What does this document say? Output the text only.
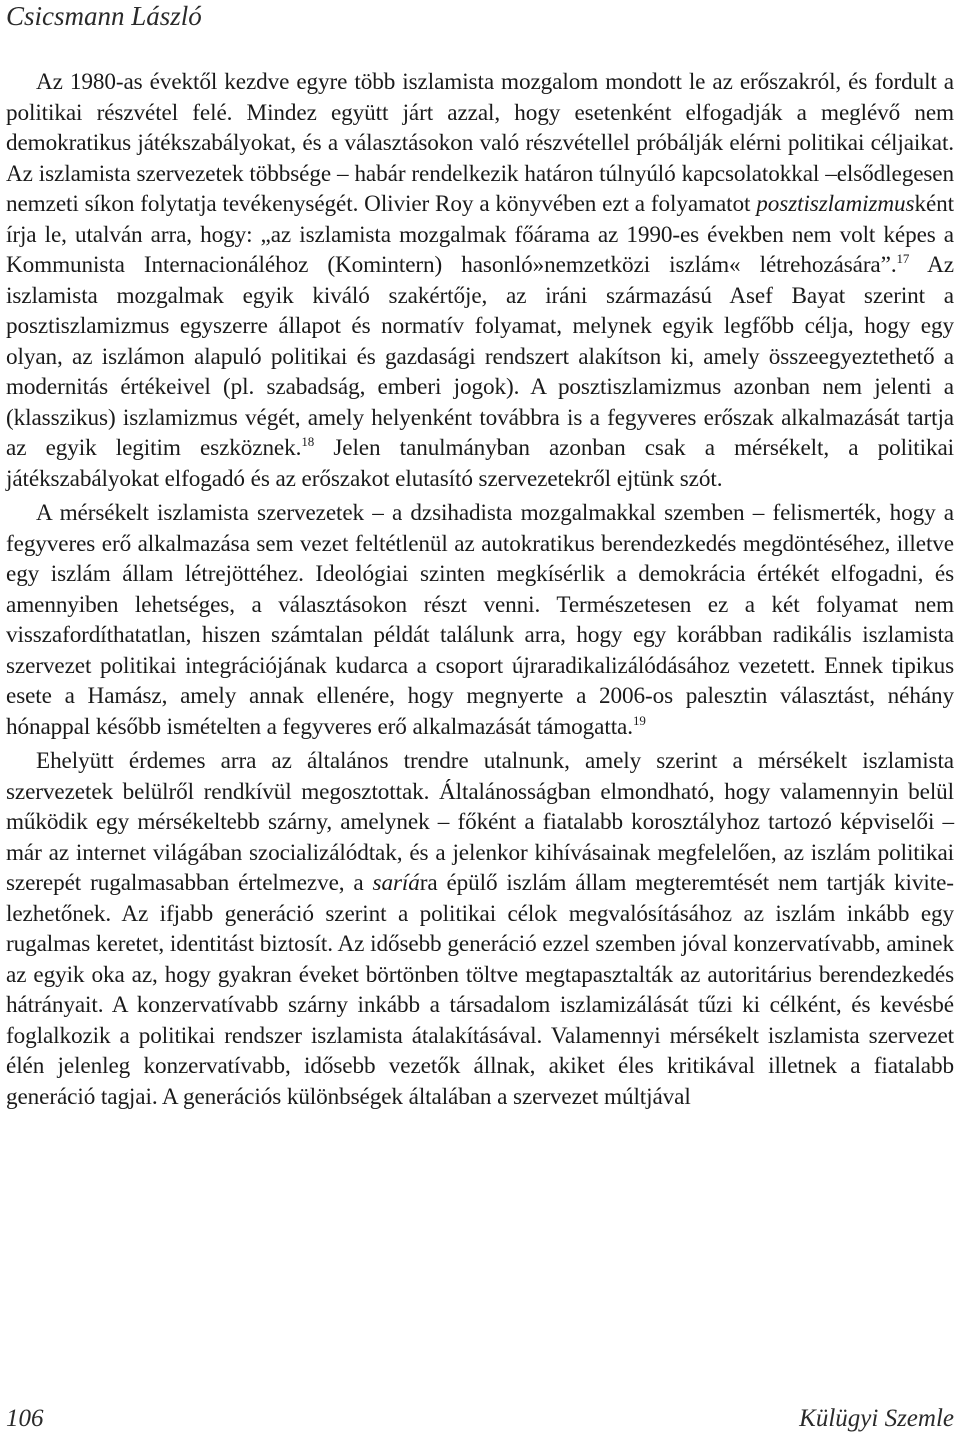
Csicsmann László

Az 1980-as évektől kezdve egyre több iszlamista mozgalom mondott le az erőszakról, és fordult a politikai részvétel felé. Mindez együtt járt azzal, hogy esetenként elfogadják a meglévő nem demokratikus játékszabályokat, és a választásokon való részvétellel próbálják elérni politikai céljaikat. Az iszlamista szervezetek többsége – habár rendelkezik határon túlnyúló kapcsolatokkal –elsődlegesen nemzeti síkon folytatja tevékenységét. Olivier Roy a könyvében ezt a folyamatot posztiszlamizmusként írja le, utalván arra, hogy: „az iszlamista mozgalmak főárama az 1990-es években nem volt képes a Kommunista Internacionáléhoz (Komintern) hasonló»nemzetközi iszlám« létrehozására”.$^{17}$ Az iszlamista mozgalmak egyik kiváló szakértője, az iráni származású Asef Bayat szerint a posztiszlamizmus egyszerre állapot és normatív folyamat, melynek egyik legfőbb célja, hogy egy olyan, az iszlámon alapuló politikai és gazdasági rendszert alakítson ki, amely összeegyeztethető a modernitás értékeivel (pl. szabadság, emberi jogok). A posztiszlamizmus azonban nem jelenti a (klasszikus) iszlamizmus végét, amely helyenként továbbra is a fegyveres erőszak alkalmazását tartja az egyik legitim eszköznek.$^{18}$ Jelen tanulmányban azonban csak a mérsékelt, a politikai játékszabályokat elfogadó és az erőszakot elutasító szervezetekről ejtünk szót.

A mérsékelt iszlamista szervezetek – a dzsihadista mozgalmakkal szemben – felismerték, hogy a fegyveres erő alkalmazása sem vezet feltétlenül az autokratikus berendezkedés megdöntéséhez, illetve egy iszlám állam létrejöttéhez. Ideológiai szinten megkísérlik a demokrácia értékét elfogadni, és amennyiben lehetséges, a választásokon részt venni. Természetesen ez a két folyamat nem visszafordíthatatlan, hiszen számtalan példát találunk arra, hogy egy korábban radikális iszlamista szervezet politikai integrációjának kudarca a csoport újraradikalizálódásához vezetett. Ennek tipikus esete a Hamász, amely annak ellenére, hogy megnyerte a 2006-os palesztin választást, néhány hónappal később ismételten a fegyveres erő alkalmazását támogatta.$^{19}$

Ehelyütt érdemes arra az általános trendre utalnunk, amely szerint a mérsékelt iszlamista szervezetek belülről rendkívül megosztottak. Általánosságban elmondható, hogy valamennyin belül működik egy mérsékeltebb szárny, amelynek – főként a fiatalabb korosztályhoz tartozó képviselői – már az internet világában szocializálódtak, és a jelenkor kihívásainak megfelelően, az iszlám politikai szerepét rugalmasabban értelmezve, a saríára épülő iszlám állam megteremtését nem tartják kivitelezhetőnek. Az ifjabb generáció szerint a politikai célok megvalósításához az iszlám inkább egy rugalmas keretet, identitást biztosít. Az idősebb generáció ezzel szemben jóval konzervatívabb, aminek az egyik oka az, hogy gyakran éveket börtönben töltve megtapasztalták az autoritárius berendezkedés hátrányait. A konzervatívabb szárny inkább a társadalom iszlamizálását tűzi ki célként, és kevésbé foglalkozik a politikai rendszer iszlamista átalakításával. Valamennyi mérsékelt iszlamista szervezet élén jelenleg konzervatívabb, idősebb vezetők állnak, akiket éles kritikával illetnek a fiatalabb generáció tagjai. A generációs különbségek általában a szervezet múltjával

106	Külügyi Szemle
